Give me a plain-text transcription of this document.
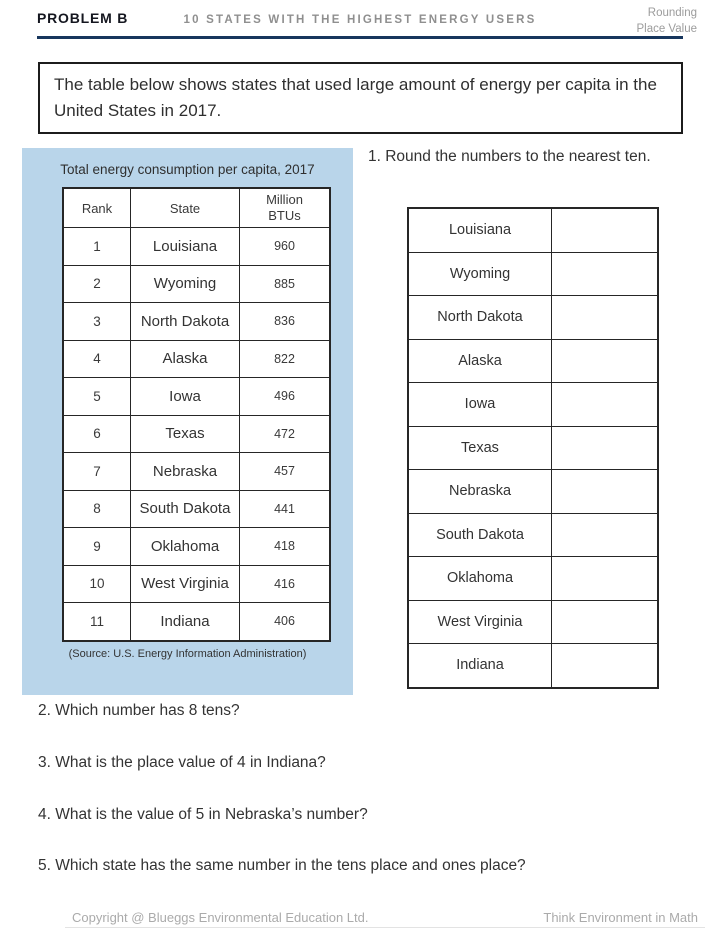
PROBLEM B	10 STATES WITH THE HIGHEST ENERGY USERS
Rounding
Place Value

The table below shows states that used large amount of energy per capita in the United States in 2017.

Total energy consumption per capita, 2017
Rank	State	Million BTUs
1	Louisiana	960
2	Wyoming	885
3	North Dakota	836
4	Alaska	822
5	Iowa	496
6	Texas	472
7	Nebraska	457
8	South Dakota	441
9	Oklahoma	418
10	West Virginia	416
11	Indiana	406
(Source: U.S. Energy Information Administration)

1. Round the numbers to the nearest ten.

Louisiana	
Wyoming	
North Dakota	
Alaska	
Iowa	
Texas	
Nebraska	
South Dakota	
Oklahoma	
West Virginia	
Indiana	

2. Which number has 8 tens?

3. What is the place value of 4 in Indiana?

4. What is the value of 5 in Nebraska’s number?

5. Which state has the same number in the tens place and ones place?

Copyright @ Blueggs Environmental Education Ltd.	Think Environment in Math
